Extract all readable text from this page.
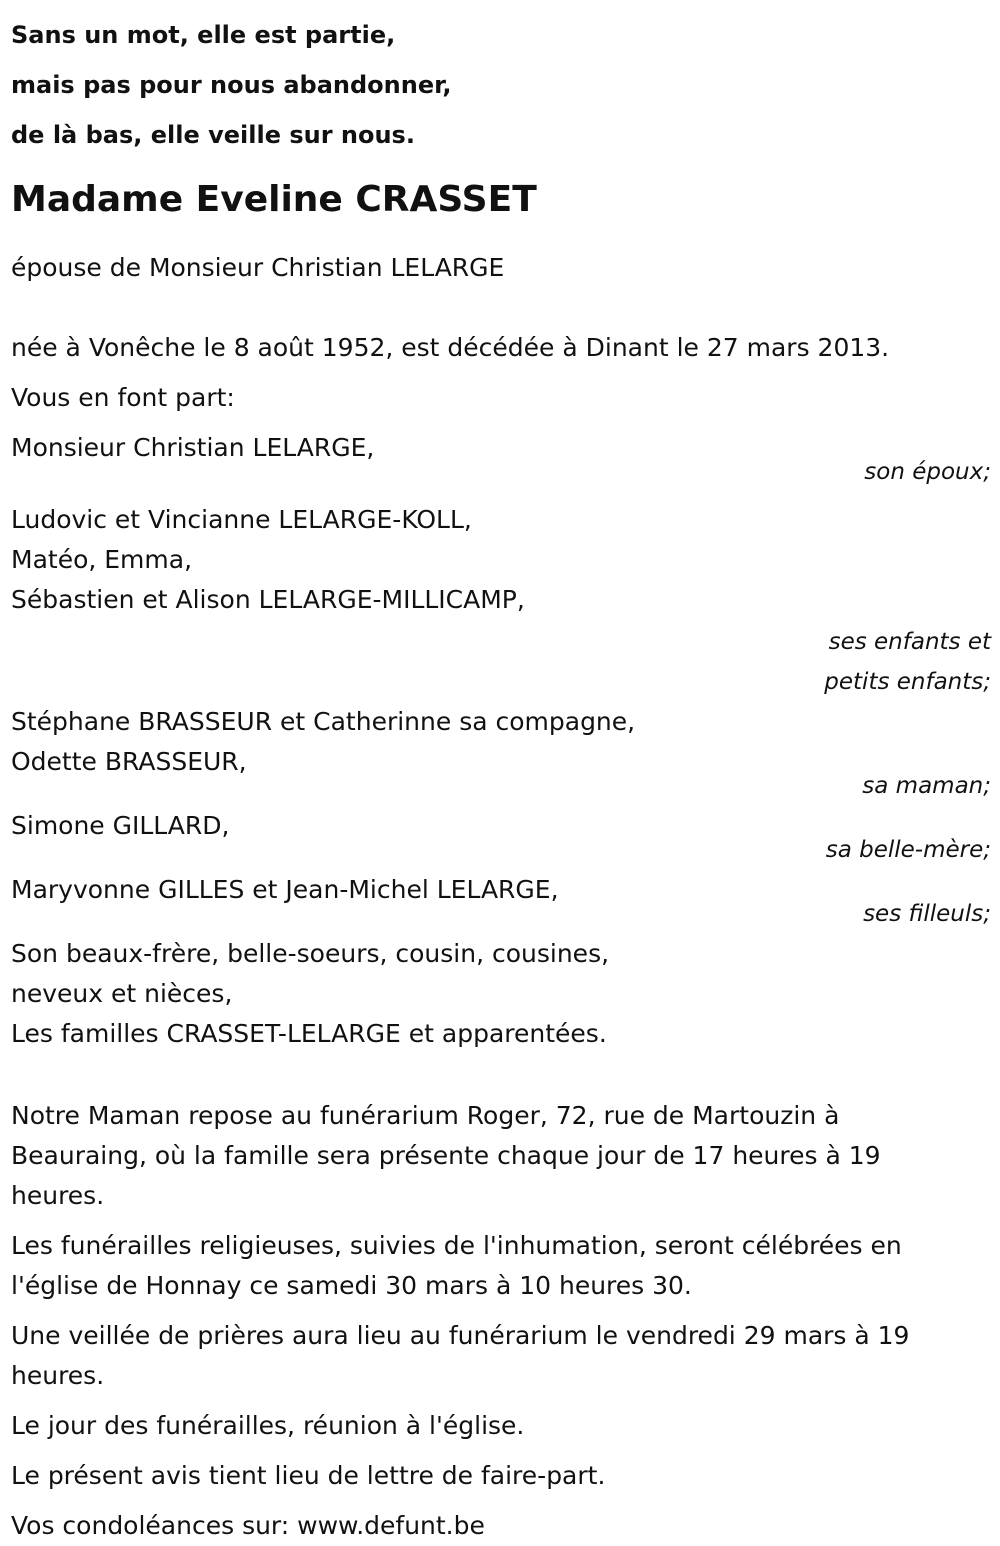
Sans un mot, elle est partie,
mais pas pour nous abandonner,
de là bas, elle veille sur nous.
Madame Eveline CRASSET
épouse de Monsieur Christian LELARGE
née à Vonêche le 8 août 1952, est décédée à Dinant le 27 mars 2013.
Vous en font part:
Monsieur Christian LELARGE,
son époux;
Ludovic et Vincianne LELARGE-KOLL,
Matéo, Emma,
Sébastien et Alison LELARGE-MILLICAMP,
ses enfants et
petits enfants;
Stéphane BRASSEUR et Catherinne sa compagne,
Odette BRASSEUR,
sa maman;
Simone GILLARD,
sa belle-mère;
Maryvonne GILLES et Jean-Michel LELARGE,
ses filleuls;
Son beaux-frère, belle-soeurs, cousin, cousines,
neveux et nièces,
Les familles CRASSET-LELARGE et apparentées.
Notre Maman repose au funérarium Roger, 72, rue de Martouzin à Beauraing, où la famille sera présente chaque jour de 17 heures à 19 heures.
Les funérailles religieuses, suivies de l'inhumation, seront célébrées en l'église de Honnay ce samedi 30 mars à 10 heures 30.
Une veillée de prières aura lieu au funérarium le vendredi 29 mars à 19 heures.
Le jour des funérailles, réunion à l'église.
Le présent avis tient lieu de lettre de faire-part.
Vos condoléances sur: www.defunt.be
